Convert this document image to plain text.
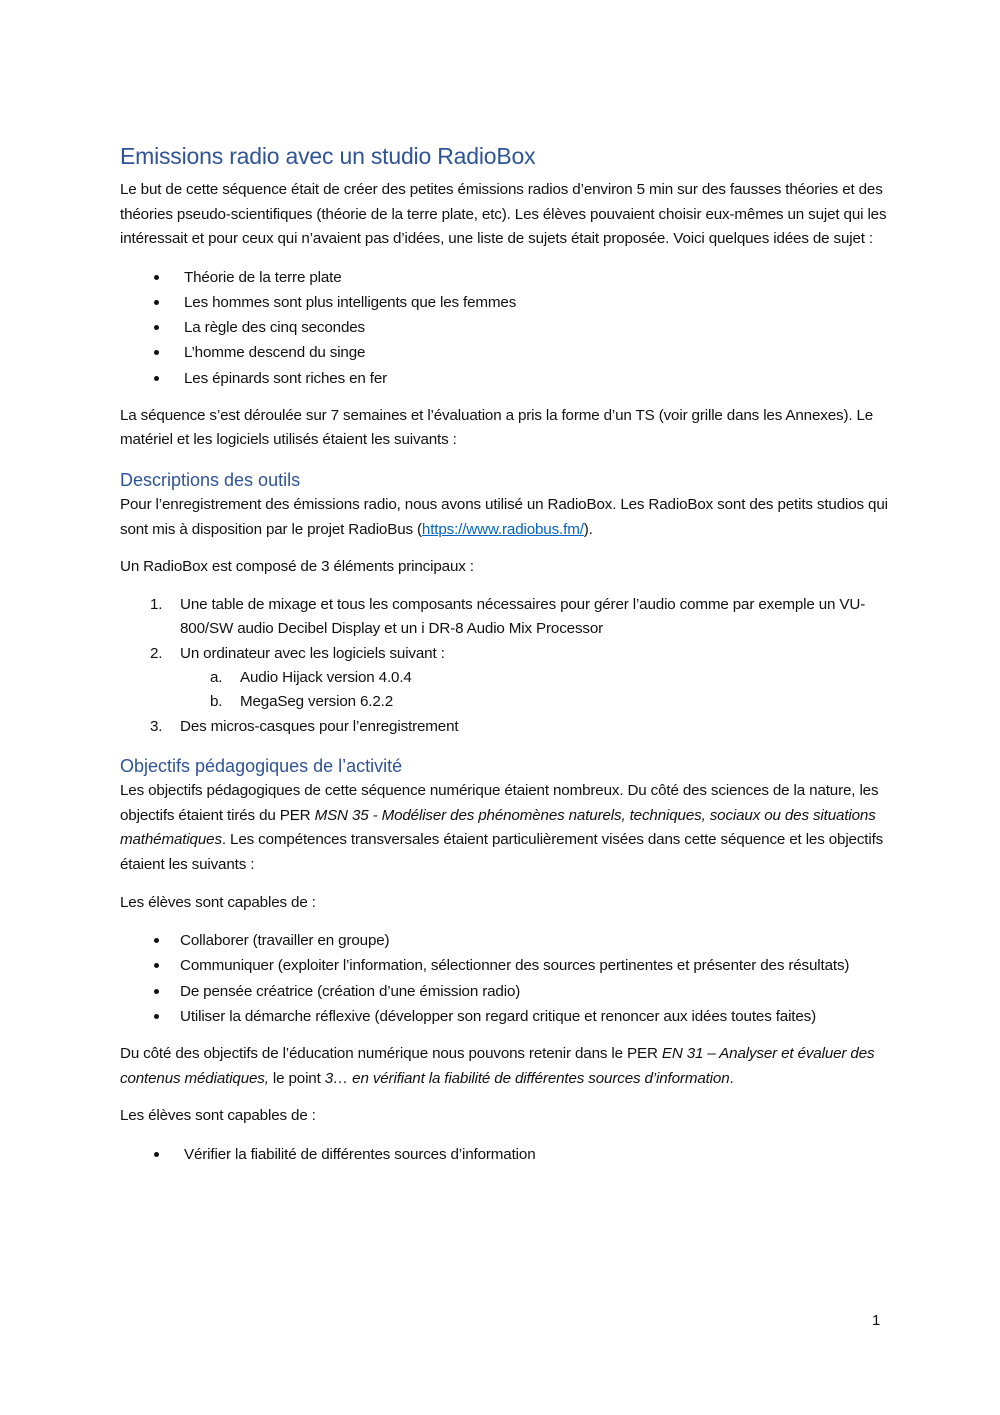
Emissions radio avec un studio RadioBox

Le but de cette séquence était de créer des petites émissions radios d’environ 5 min sur des fausses théories et des théories pseudo-scientifiques (théorie de la terre plate, etc). Les élèves pouvaient choisir eux-mêmes un sujet qui les intéressait et pour ceux qui n’avaient pas d’idées, une liste de sujets était proposée. Voici quelques idées de sujet :

Théorie de la terre plate
Les hommes sont plus intelligents que les femmes
La règle des cinq secondes
L’homme descend du singe
Les épinards sont riches en fer

La séquence s’est déroulée sur 7 semaines et l’évaluation a pris la forme d’un TS (voir grille dans les Annexes). Le matériel et les logiciels utilisés étaient les suivants :

Descriptions des outils

Pour l’enregistrement des émissions radio, nous avons utilisé un RadioBox. Les RadioBox sont des petits studios qui sont mis à disposition par le projet RadioBus (https://www.radiobus.fm/).

Un RadioBox est composé de 3 éléments principaux :

1. Une table de mixage et tous les composants nécessaires pour gérer l’audio comme par exemple un VU-800/SW audio Decibel Display et un i DR-8 Audio Mix Processor
2. Un ordinateur avec les logiciels suivant :
a. Audio Hijack version 4.0.4
b. MegaSeg version 6.2.2
3. Des micros-casques pour l’enregistrement
Objectifs pédagogiques de l’activité

Les objectifs pédagogiques de cette séquence numérique étaient nombreux. Du côté des sciences de la nature, les objectifs étaient tirés du PER MSN 35 - Modéliser des phénomènes naturels, techniques, sociaux ou des situations mathématiques. Les compétences transversales étaient particulièrement visées dans cette séquence et les objectifs étaient les suivants :

Les élèves sont capables de :

Collaborer (travailler en groupe)
Communiquer (exploiter l’information, sélectionner des sources pertinentes et présenter des résultats)
De pensée créatrice (création d’une émission radio)
Utiliser la démarche réflexive (développer son regard critique et renoncer aux idées toutes faites)

Du côté des objectifs de l’éducation numérique nous pouvons retenir dans le PER EN 31 – Analyser et évaluer des contenus médiatiques, le point 3… en vérifiant la fiabilité de différentes sources d’information.

Les élèves sont capables de :

Vérifier la fiabilité de différentes sources d’information
1
